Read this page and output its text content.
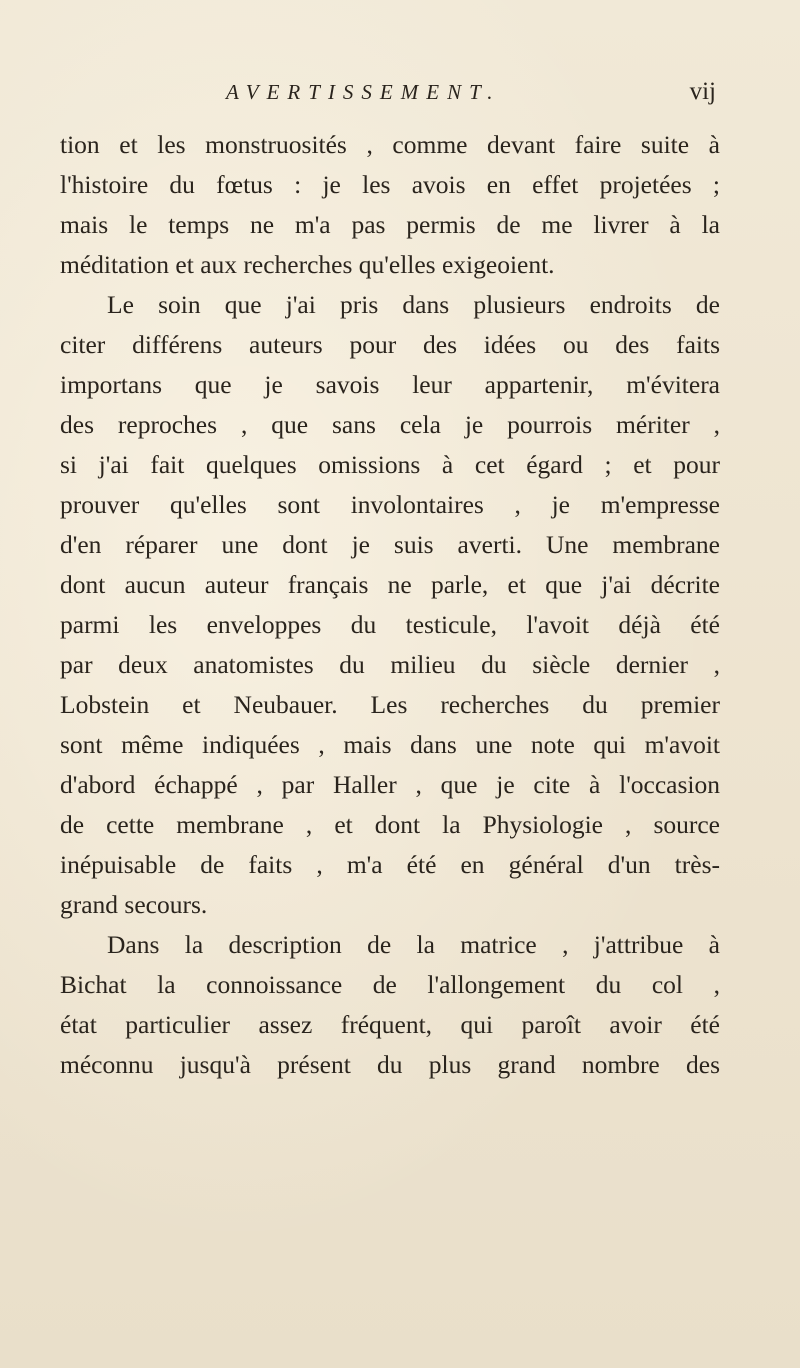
AVERTISSEMENT.	vij
tion et les monstruosités , comme devant faire suite à
l'histoire du fœtus : je les avois en effet projetées ;
mais le temps ne m'a pas permis de me livrer à la
méditation et aux recherches qu'elles exigeoient.
Le soin que j'ai pris dans plusieurs endroits de
citer différens auteurs pour des idées ou des faits
importans que je savois leur appartenir, m'évitera
des reproches , que sans cela je pourrois mériter ,
si j'ai fait quelques omissions à cet égard ; et pour
prouver qu'elles sont involontaires , je m'empresse
d'en réparer une dont je suis averti. Une membrane
dont aucun auteur français ne parle, et que j'ai décrite
parmi les enveloppes du testicule, l'avoit déjà été
par deux anatomistes du milieu du siècle dernier ,
Lobstein et Neubauer. Les recherches du premier
sont même indiquées , mais dans une note qui m'avoit
d'abord échappé , par Haller , que je cite à l'occasion
de cette membrane , et dont la Physiologie , source
inépuisable de faits , m'a été en général d'un très-
grand secours.
Dans la description de la matrice , j'attribue à
Bichat la connoissance de l'allongement du col ,
état particulier assez fréquent, qui paroît avoir été
méconnu jusqu'à présent du plus grand nombre des
